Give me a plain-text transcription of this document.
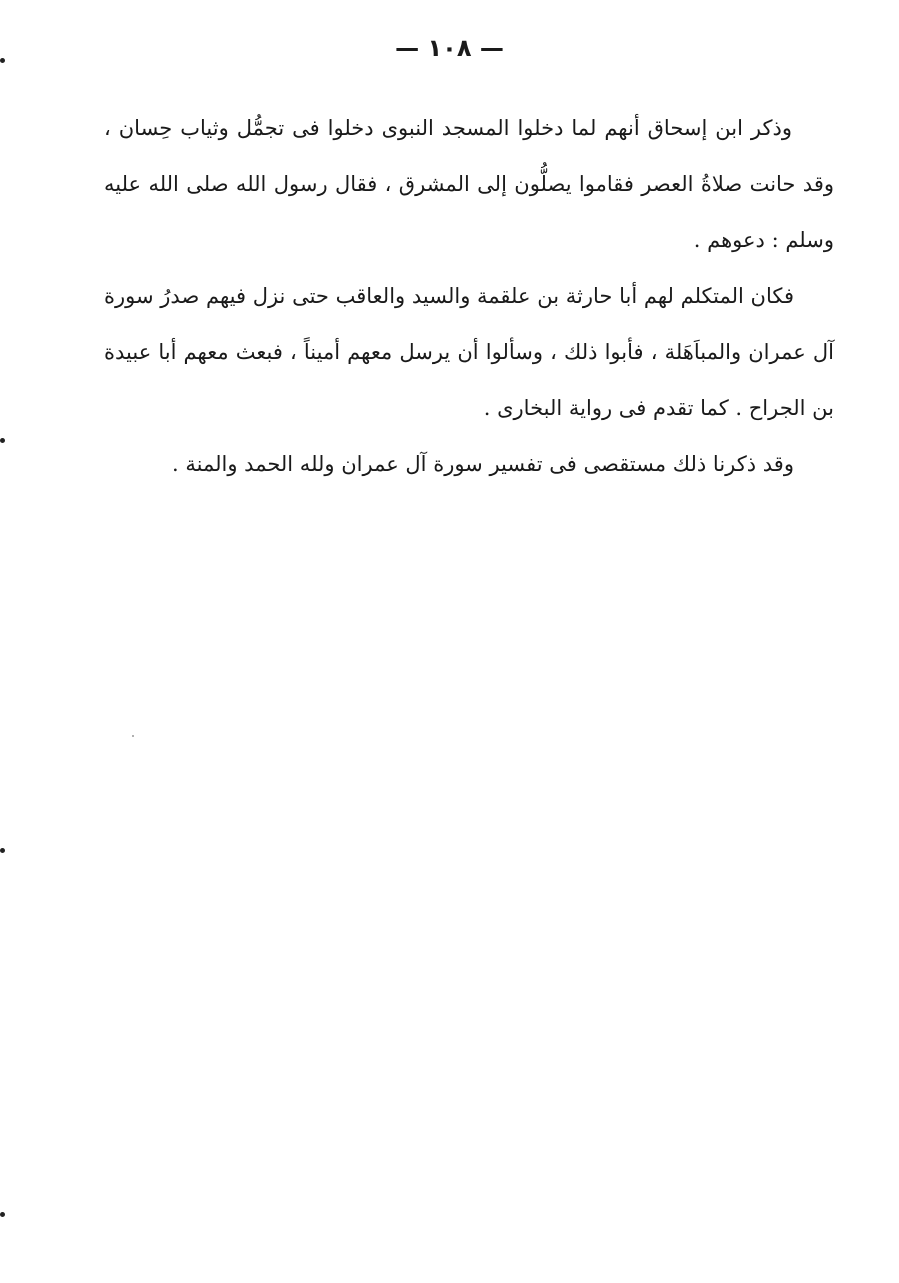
— ١٠٨ —

وذكر ابن إسحاق أنهم لما دخلوا المسجد النبوى دخلوا فى تجمُّل وثياب حِسان ، وقد حانت صلاةُ العصر فقاموا يصلُّون إلى المشرق ، فقال رسول الله صلى الله عليه وسلم : دعوهم .

فكان المتكلم لهم أبا حارثة بن علقمة والسيد والعاقب حتى نزل فيهم صدرُ سورة آل عمران والمباَهَلة ، فأبوا ذلك ، وسألوا أن يرسل معهم أميناً ، فبعث معهم أبا عبيدة بن الجراح . كما تقدم فى رواية البخارى .

وقد ذكرنا ذلك مستقصى فى تفسير سورة آل عمران ولله الحمد والمنة .
